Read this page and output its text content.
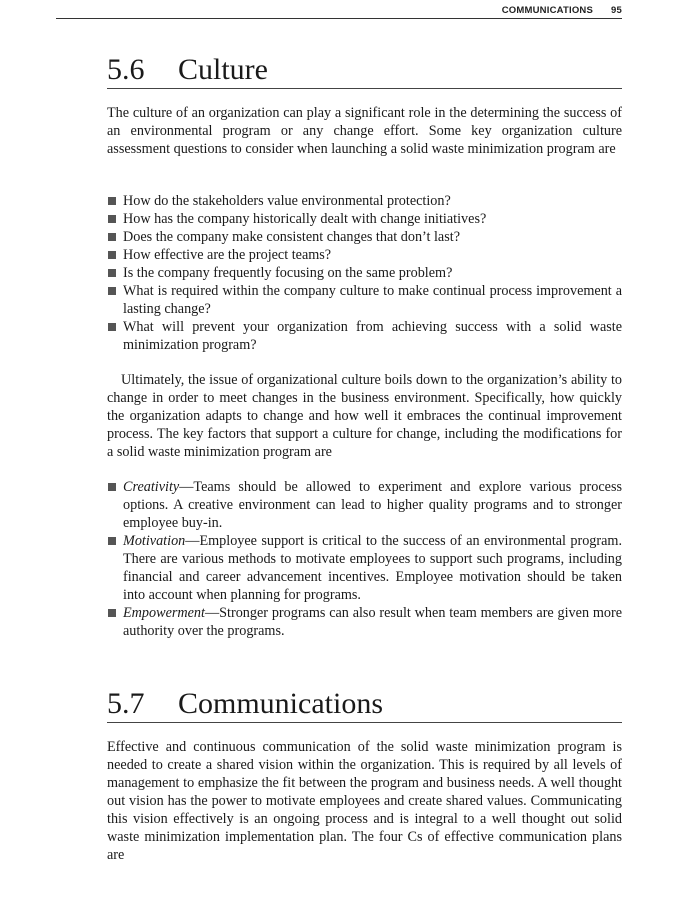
COMMUNICATIONS 95
5.6 Culture

The culture of an organization can play a significant role in the determining the success of an environmental program or any change effort. Some key organization culture assessment questions to consider when launching a solid waste minimization program are

How do the stakeholders value environmental protection?
How has the company historically dealt with change initiatives?
Does the company make consistent changes that don’t last?
How effective are the project teams?
Is the company frequently focusing on the same problem?
What is required within the company culture to make continual process improvement a lasting change?
What will prevent your organization from achieving success with a solid waste minimization program?

Ultimately, the issue of organizational culture boils down to the organization’s ability to change in order to meet changes in the business environment. Specifically, how quickly the organization adapts to change and how well it embraces the continual improvement process. The key factors that support a culture for change, including the modifications for a solid waste minimization program are

Creativity—Teams should be allowed to experiment and explore various process options. A creative environment can lead to higher quality programs and to stronger employee buy-in.
Motivation—Employee support is critical to the success of an environmental program. There are various methods to motivate employees to support such programs, including financial and career advancement incentives. Employee motivation should be taken into account when planning for programs.
Empowerment—Stronger programs can also result when team members are given more authority over the programs.
5.7 Communications

Effective and continuous communication of the solid waste minimization program is needed to create a shared vision within the organization. This is required by all levels of management to emphasize the fit between the program and business needs. A well thought out vision has the power to motivate employees and create shared values. Communicating this vision effectively is an ongoing process and is integral to a well thought out solid waste minimization implementation plan. The four Cs of effective communication plans are
